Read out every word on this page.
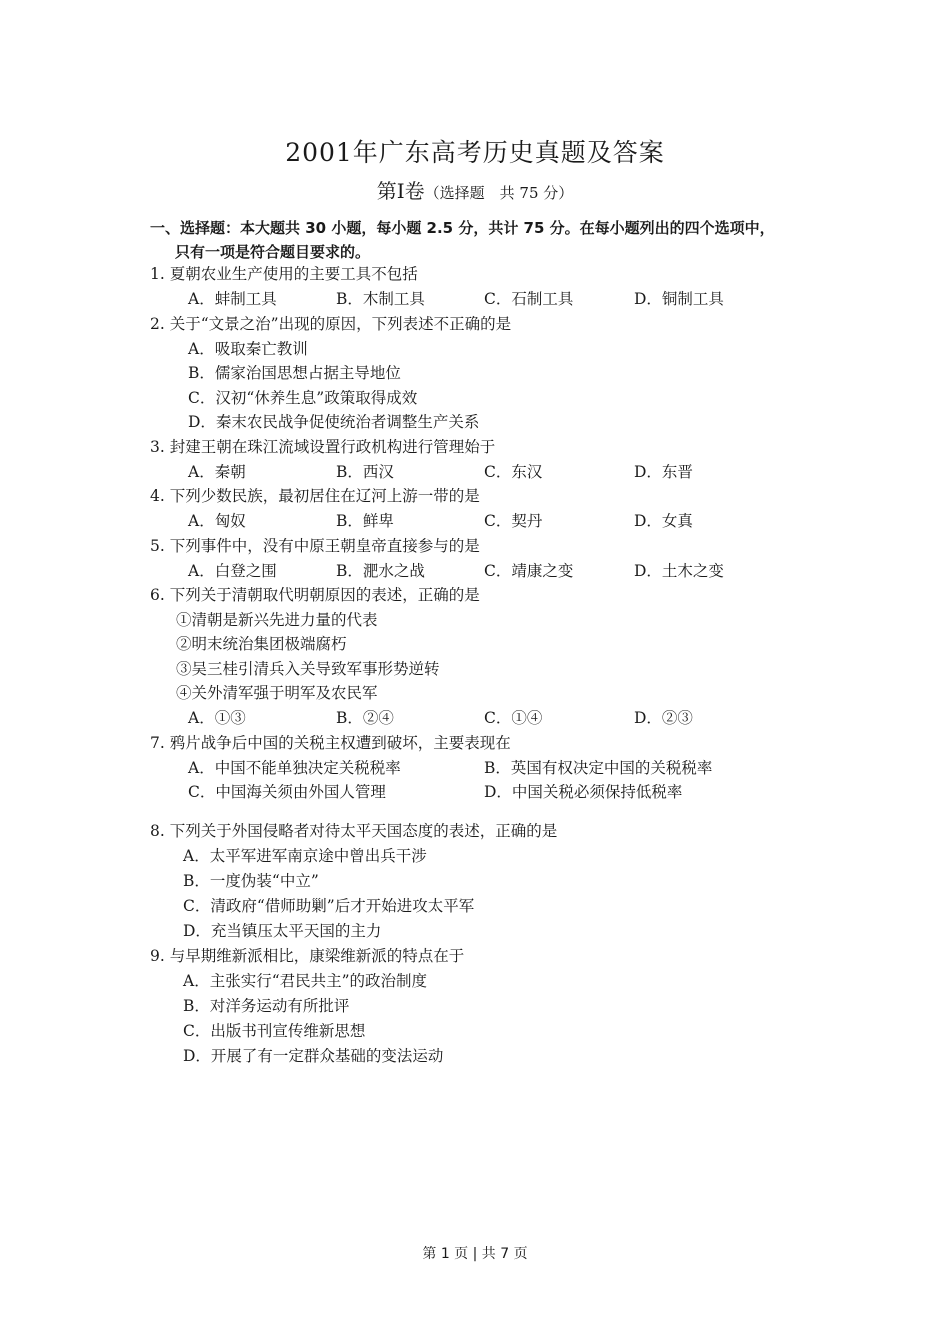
2001年广东高考历史真题及答案
第Ⅰ卷（选择题　共 75 分）
一、选择题：本大题共 30 小题，每小题 2.5 分，共计 75 分。在每小题列出的四个选项中，
只有一项是符合题目要求的。
1. 夏朝农业生产使用的主要工具不包括
A．蚌制工具	B．木制工具	C．石制工具	D．铜制工具
2. 关于“文景之治”出现的原因，下列表述不正确的是
A．吸取秦亡教训
B．儒家治国思想占据主导地位
C．汉初“休养生息”政策取得成效
D．秦末农民战争促使统治者调整生产关系
3. 封建王朝在珠江流域设置行政机构进行管理始于
A．秦朝	B．西汉	C．东汉	D．东晋
4. 下列少数民族，最初居住在辽河上游一带的是
A．匈奴	B．鲜卑	C．契丹	D．女真
5. 下列事件中，没有中原王朝皇帝直接参与的是
A．白登之围	B．淝水之战	C．靖康之变	D．土木之变
6. 下列关于清朝取代明朝原因的表述，正确的是
①清朝是新兴先进力量的代表
②明末统治集团极端腐朽
③吴三桂引清兵入关导致军事形势逆转
④关外清军强于明军及农民军
A．①③	B．②④	C．①④	D．②③
7. 鸦片战争后中国的关税主权遭到破坏，主要表现在
A．中国不能单独决定关税税率	B．英国有权决定中国的关税税率
C．中国海关须由外国人管理	D．中国关税必须保持低税率
8. 下列关于外国侵略者对待太平天国态度的表述，正确的是
A．太平军进军南京途中曾出兵干涉
B．一度伪装“中立”
C．清政府“借师助剿”后才开始进攻太平军
D．充当镇压太平天国的主力
9. 与早期维新派相比，康梁维新派的特点在于
A．主张实行“君民共主”的政治制度
B．对洋务运动有所批评
C．出版书刊宣传维新思想
D．开展了有一定群众基础的变法运动
第 1 页 | 共 7 页
